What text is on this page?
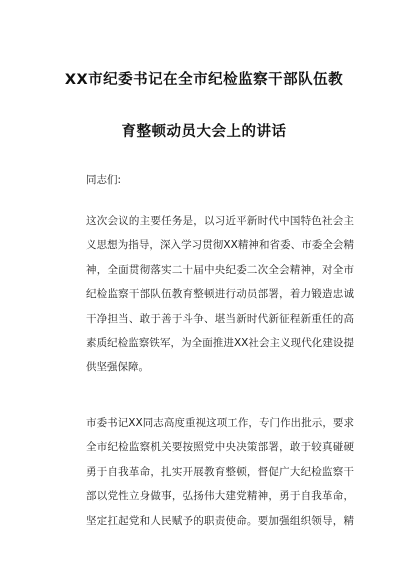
XX市纪委书记在全市纪检监察干部队伍教
育整顿动员大会上的讲话
同志们:
这次会议的主要任务是，以习近平新时代中国特色社会主
义思想为指导，深入学习贯彻XX精神和省委、市委全会精
神，全面贯彻落实二十届中央纪委二次全会精神，对全市
纪检监察干部队伍教育整顿进行动员部署，着力锻造忠诚
干净担当、敢于善于斗争、堪当新时代新征程新重任的高
素质纪检监察铁军，为全面推进XX社会主义现代化建设提
供坚强保障。
市委书记XX同志高度重视这项工作，专门作出批示，要求
全市纪检监察机关要按照党中央决策部署，敢于较真碰硬
勇于自我革命，扎实开展教育整顿，督促广大纪检监察干
部以党性立身做事，弘扬伟大建党精神，勇于自我革命，
坚定扛起党和人民赋予的职责使命。要加强组织领导，精
